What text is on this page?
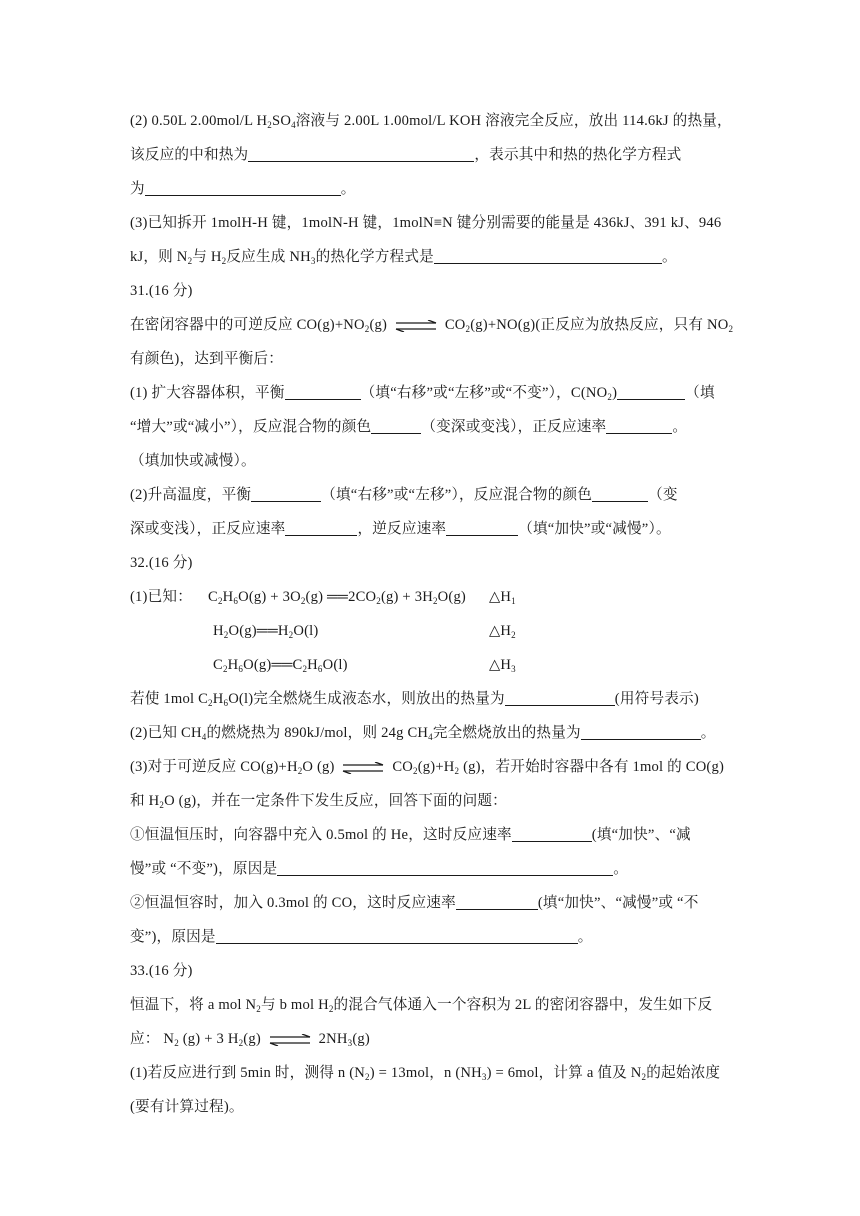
(2) 0.50L 2.00mol/L $H_2SO_4$溶液与 2.00L 1.00mol/L KOH 溶液完全反应，放出 114.6kJ 的热量，
该反应的中和热为	，表示其中和热的热化学方程式
为	。
(3)已知拆开 1molH-H 键，1molN-H 键，1molN≡N 键分别需要的能量是 436kJ、391 kJ、946
kJ，则 $N_2$与 $H_2$反应生成 $NH_3$的热化学方程式是	。
31.(16 分)
在密闭容器中的可逆反应 $CO(g)+NO_2(g)$ ⇌ $CO_2(g)+NO(g)$(正反应为放热反应，只有 $NO_2$
有颜色)，达到平衡后：
(1) 扩大容器体积，平衡	（填“右移”或“左移”或“不变”），$C(NO_2)$	（填
“增大”或“减小”），反应混合物的颜色	（变深或变浅），正反应速率	。
（填加快或减慢）。
(2)升高温度，平衡	（填“右移”或“左移”），反应混合物的颜色	（变
深或变浅），正反应速率	，逆反应速率	（填“加快”或“减慢”）。
32.(16 分)
(1)已知： $C_2H_6O(g) + 3O_2(g)$ $══2CO_2(g) + 3H_2O(g)$ $\triangle H_1$
$H_2O(g)══H_2O(l)$	$\triangle H_2$
$C_2H_6O(g)══C_2H_6O(l)$	$\triangle H_3$
若使 1mol $C_2H_6O(l)$完全燃烧生成液态水，则放出的热量为	(用符号表示)
(2)已知 $CH_4$的燃烧热为 890kJ/mol，则 24g $CH_4$完全燃烧放出的热量为	。
(3)对于可逆反应 $CO(g)+H_2O$ (g) ⇌ $CO_2(g)+H_2$ (g)，若开始时容器中各有 1mol 的 CO(g)
和 $H_2O$ (g)，并在一定条件下发生反应，回答下面的问题：
①恒温恒压时，向容器中充入 0.5mol 的 He，这时反应速率	(填“加快”、“减
慢”或 “不变”)，原因是	。
②恒温恒容时，加入 0.3mol 的 CO，这时反应速率	(填“加快”、“减慢”或 “不
变”)，原因是	。
33.(16 分)
恒温下，将 a mol $N_2$与 b mol $H_2$的混合气体通入一个容积为 2L 的密闭容器中，发生如下反
应： $N_2$ (g) + 3 $H_2(g)$ ⇌ $2NH_3(g)$
(1)若反应进行到 5min 时，测得 n $(N_2) = 13mol$，n $(NH_3) = 6mol$，计算 a 值及 $N_2$的起始浓度
(要有计算过程)。
